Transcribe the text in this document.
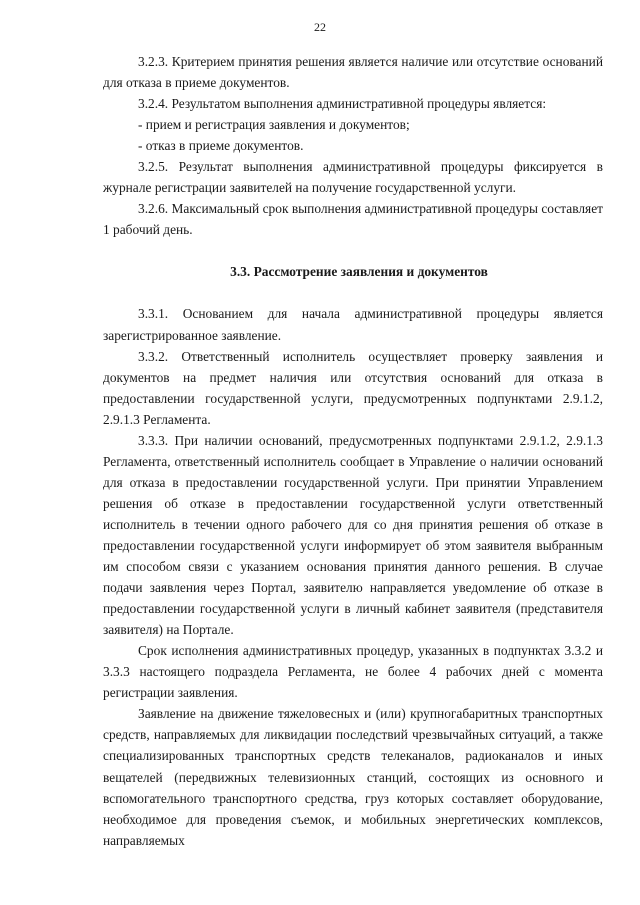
22

3.2.3. Критерием принятия решения является наличие или отсутствие оснований для отказа в приеме документов.

3.2.4. Результатом выполнения административной процедуры является:

- прием и регистрация заявления и документов;

- отказ в приеме документов.

3.2.5. Результат выполнения административной процедуры фиксируется в журнале регистрации заявителей на получение государственной услуги.

3.2.6. Максимальный срок выполнения административной процедуры составляет 1 рабочий день.

3.3. Рассмотрение заявления и документов

3.3.1. Основанием для начала административной процедуры является зарегистрированное заявление.

3.3.2. Ответственный исполнитель осуществляет проверку заявления и документов на предмет наличия или отсутствия оснований для отказа в предоставлении государственной услуги, предусмотренных подпунктами 2.9.1.2, 2.9.1.3 Регламента.

3.3.3. При наличии оснований, предусмотренных подпунктами 2.9.1.2, 2.9.1.3 Регламента, ответственный исполнитель сообщает в Управление о наличии оснований для отказа в предоставлении государственной услуги. При принятии Управлением решения об отказе в предоставлении государственной услуги ответственный исполнитель в течении одного рабочего для со дня принятия решения об отказе в предоставлении государственной услуги информирует об этом заявителя выбранным им способом связи с указанием основания принятия данного решения. В случае подачи заявления через Портал, заявителю направляется уведомление об отказе в предоставлении государственной услуги в личный кабинет заявителя (представителя заявителя) на Портале.

Срок исполнения административных процедур, указанных в подпунктах 3.3.2 и 3.3.3 настоящего подраздела Регламента, не более 4 рабочих дней с момента регистрации заявления.

Заявление на движение тяжеловесных и (или) крупногабаритных транспортных средств, направляемых для ликвидации последствий чрезвычайных ситуаций, а также специализированных транспортных средств телеканалов, радиоканалов и иных вещателей (передвижных телевизионных станций, состоящих из основного и вспомогательного транспортного средства, груз которых составляет оборудование, необходимое для проведения съемок, и мобильных энергетических комплексов, направляемых
